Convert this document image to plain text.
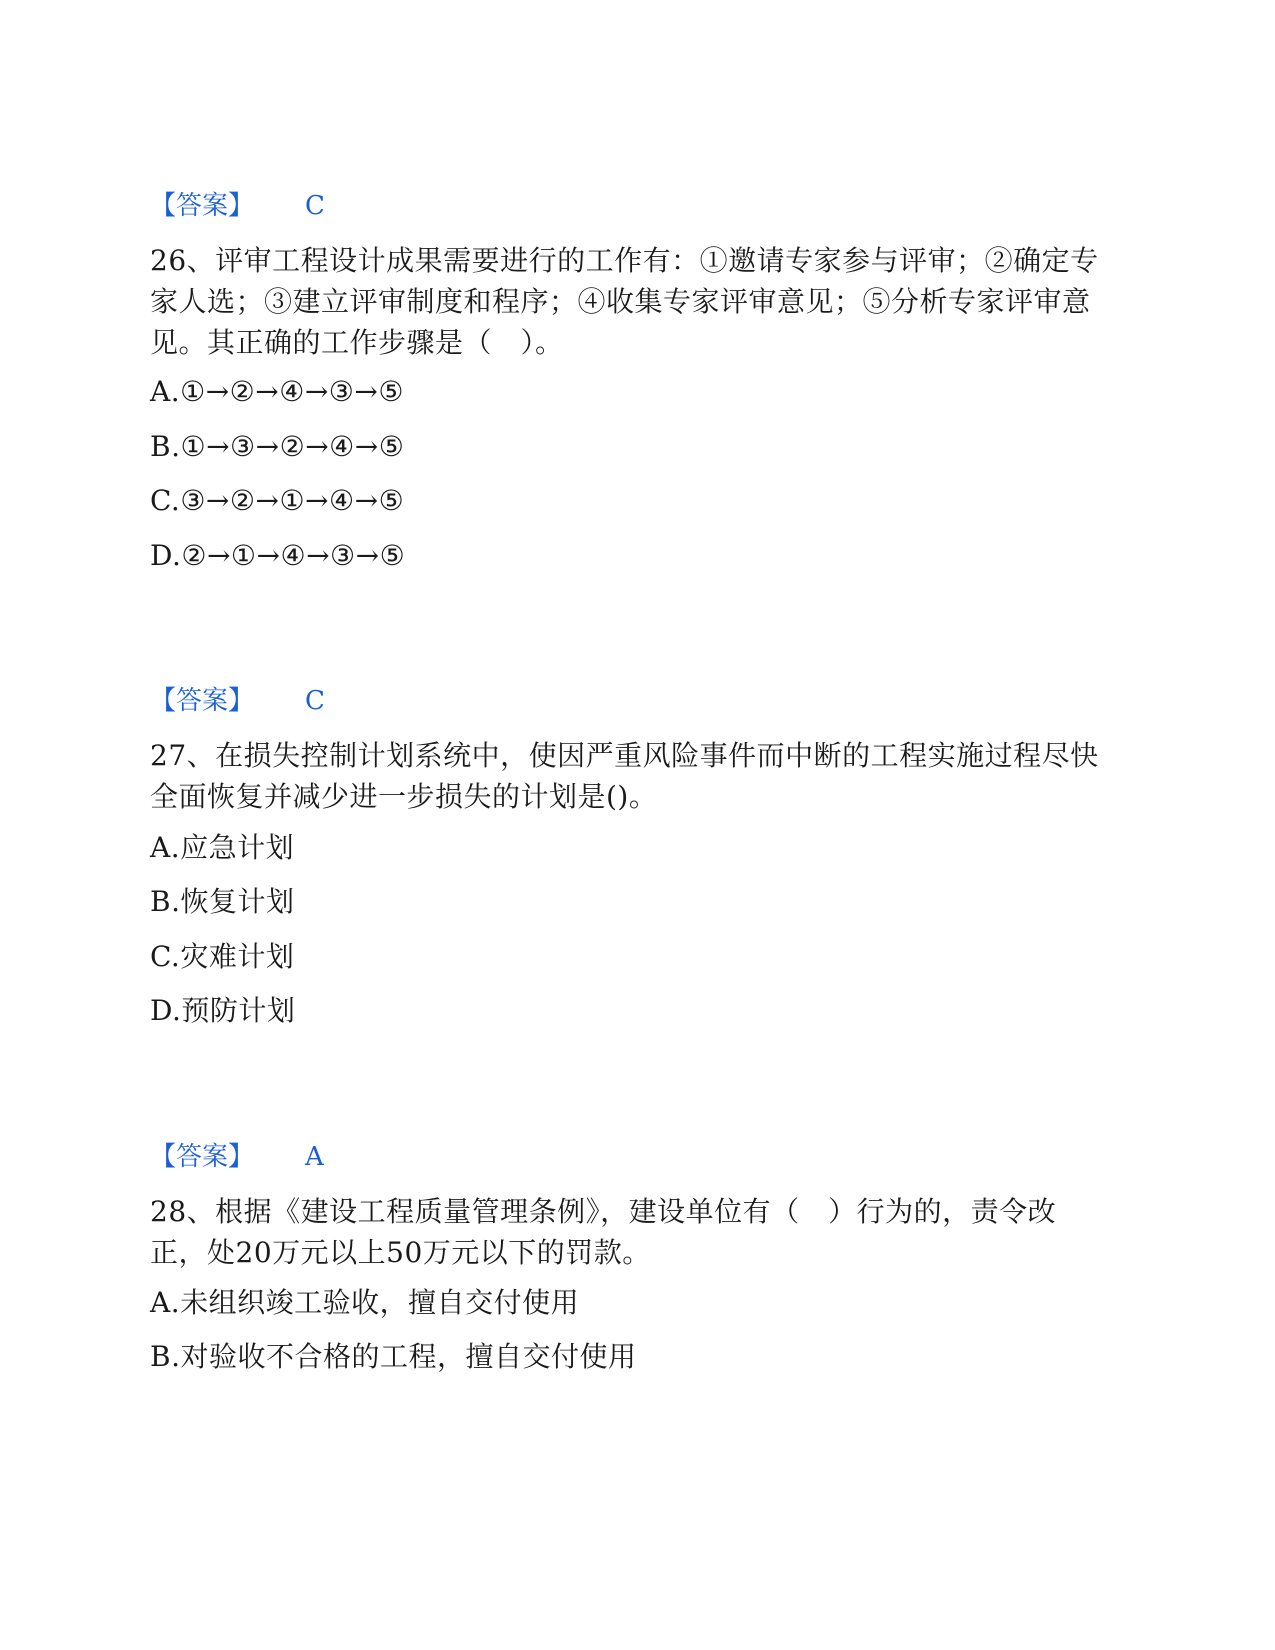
【答案】 C
26、评审工程设计成果需要进行的工作有：①邀请专家参与评审；②确定专家人选；③建立评审制度和程序；④收集专家评审意见；⑤分析专家评审意见。其正确的工作步骤是（　）。
A.①→②→④→③→⑤
B.①→③→②→④→⑤
C.③→②→①→④→⑤
D.②→①→④→③→⑤
【答案】 C
27、在损失控制计划系统中，使因严重风险事件而中断的工程实施过程尽快全面恢复并减少进一步损失的计划是()。
A.应急计划
B.恢复计划
C.灾难计划
D.预防计划
【答案】 A
28、根据《建设工程质量管理条例》，建设单位有（　）行为的，责令改正，处20万元以上50万元以下的罚款。
A.未组织竣工验收，擅自交付使用
B.对验收不合格的工程，擅自交付使用
